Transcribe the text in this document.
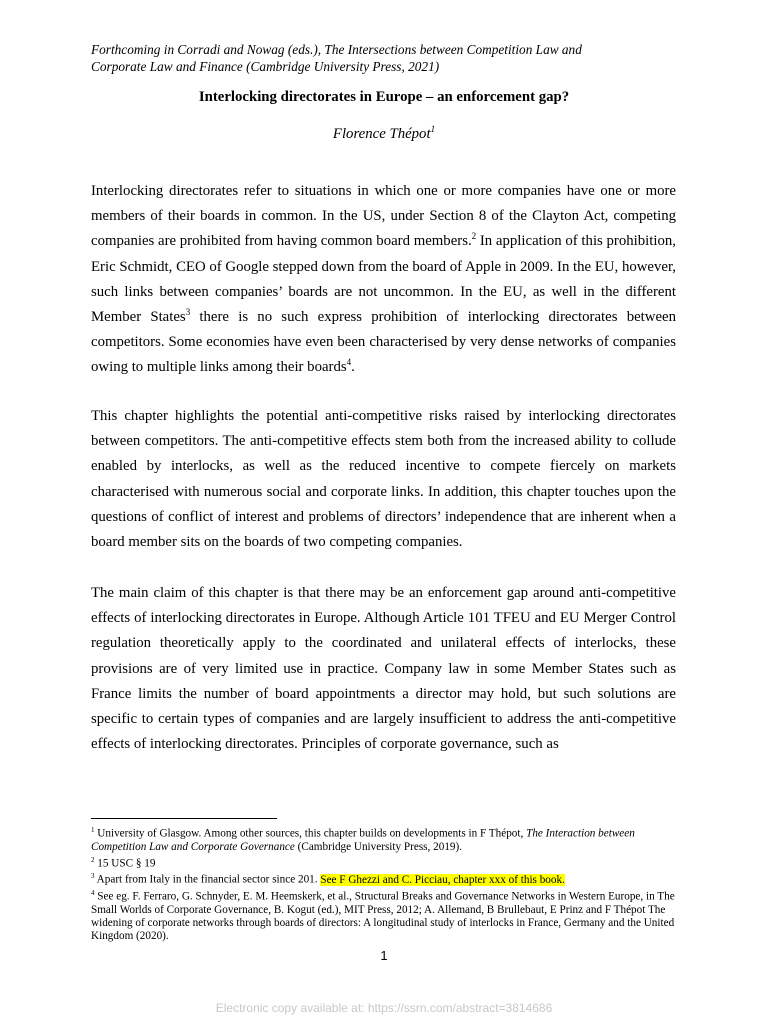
Forthcoming in Corradi and Nowag (eds.), The Intersections between Competition Law and
Corporate Law and Finance (Cambridge University Press, 2021)
Interlocking directorates in Europe – an enforcement gap?
Florence Thépot$^1$

Interlocking directorates refer to situations in which one or more companies have one or more members of their boards in common. In the US, under Section 8 of the Clayton Act, competing companies are prohibited from having common board members.$^2$ In application of this prohibition, Eric Schmidt, CEO of Google stepped down from the board of Apple in 2009. In the EU, however, such links between companies’ boards are not uncommon. In the EU, as well in the different Member States$^3$ there is no such express prohibition of interlocking directorates between competitors. Some economies have even been characterised by very dense networks of companies owing to multiple links among their boards$^4$.

This chapter highlights the potential anti-competitive risks raised by interlocking directorates between competitors. The anti-competitive effects stem both from the increased ability to collude enabled by interlocks, as well as the reduced incentive to compete fiercely on markets characterised with numerous social and corporate links. In addition, this chapter touches upon the questions of conflict of interest and problems of directors’ independence that are inherent when a board member sits on the boards of two competing companies.

The main claim of this chapter is that there may be an enforcement gap around anti-competitive effects of interlocking directorates in Europe. Although Article 101 TFEU and EU Merger Control regulation theoretically apply to the coordinated and unilateral effects of interlocks, these provisions are of very limited use in practice. Company law in some Member States such as France limits the number of board appointments a director may hold, but such solutions are specific to certain types of companies and are largely insufficient to address the anti-competitive effects of interlocking directorates. Principles of corporate governance, such as

$^1$ University of Glasgow. Among other sources, this chapter builds on developments in F Thépot, The Interaction between Competition Law and Corporate Governance (Cambridge University Press, 2019).

$^2$ 15 USC § 19

$^3$ Apart from Italy in the financial sector since 201. See F Ghezzi and C. Picciau, chapter xxx of this book.

$^4$ See eg. F. Ferraro, G. Schnyder, E. M. Heemskerk, et al., Structural Breaks and Governance Networks in Western Europe, in The Small Worlds of Corporate Governance, B. Kogut (ed.), MIT Press, 2012; A. Allemand, B Brullebaut, E Prinz and F Thépot The widening of corporate networks through boards of directors: A longitudinal study of interlocks in France, Germany and the United Kingdom (2020).

1
Electronic copy available at: https://ssrn.com/abstract=3814686
